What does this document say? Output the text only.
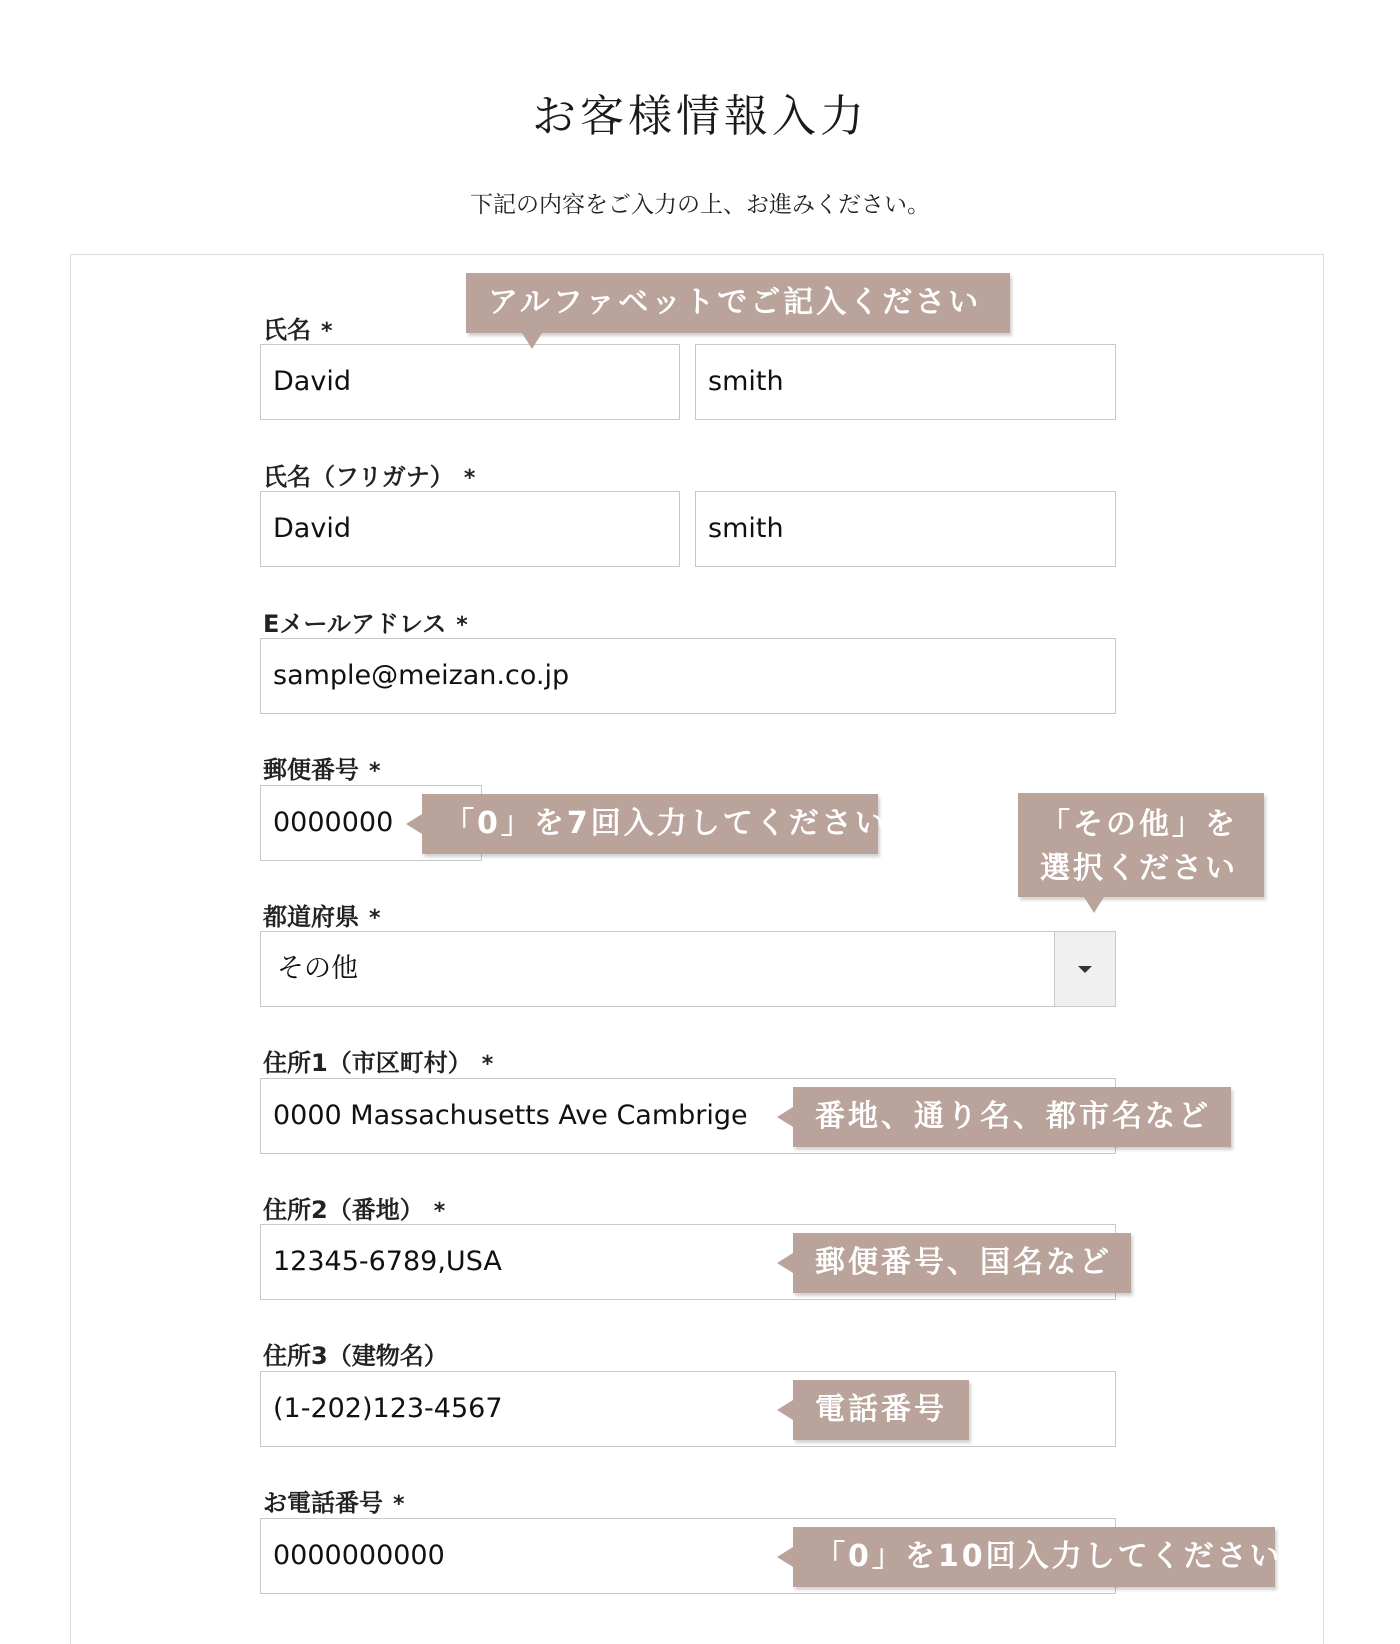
お客様情報入力
下記の内容をご入力の上、お進みください。
氏名 *
David	smith
アルファベットでご記入ください
氏名（フリガナ） *
David	smith
Eメールアドレス *
sample@meizan.co.jp
郵便番号 *
0000000	「0」を7回入力してください
都道府県 *
その他
「その他」を
選択ください
住所1（市区町村） *
0000 Massachusetts Ave Cambrige	番地、通り名、都市名など
住所2（番地） *
12345-6789,USA	郵便番号、国名など
住所3（建物名）
(1-202)123-4567	電話番号
お電話番号 *
0000000000	「0」を10回入力してください
